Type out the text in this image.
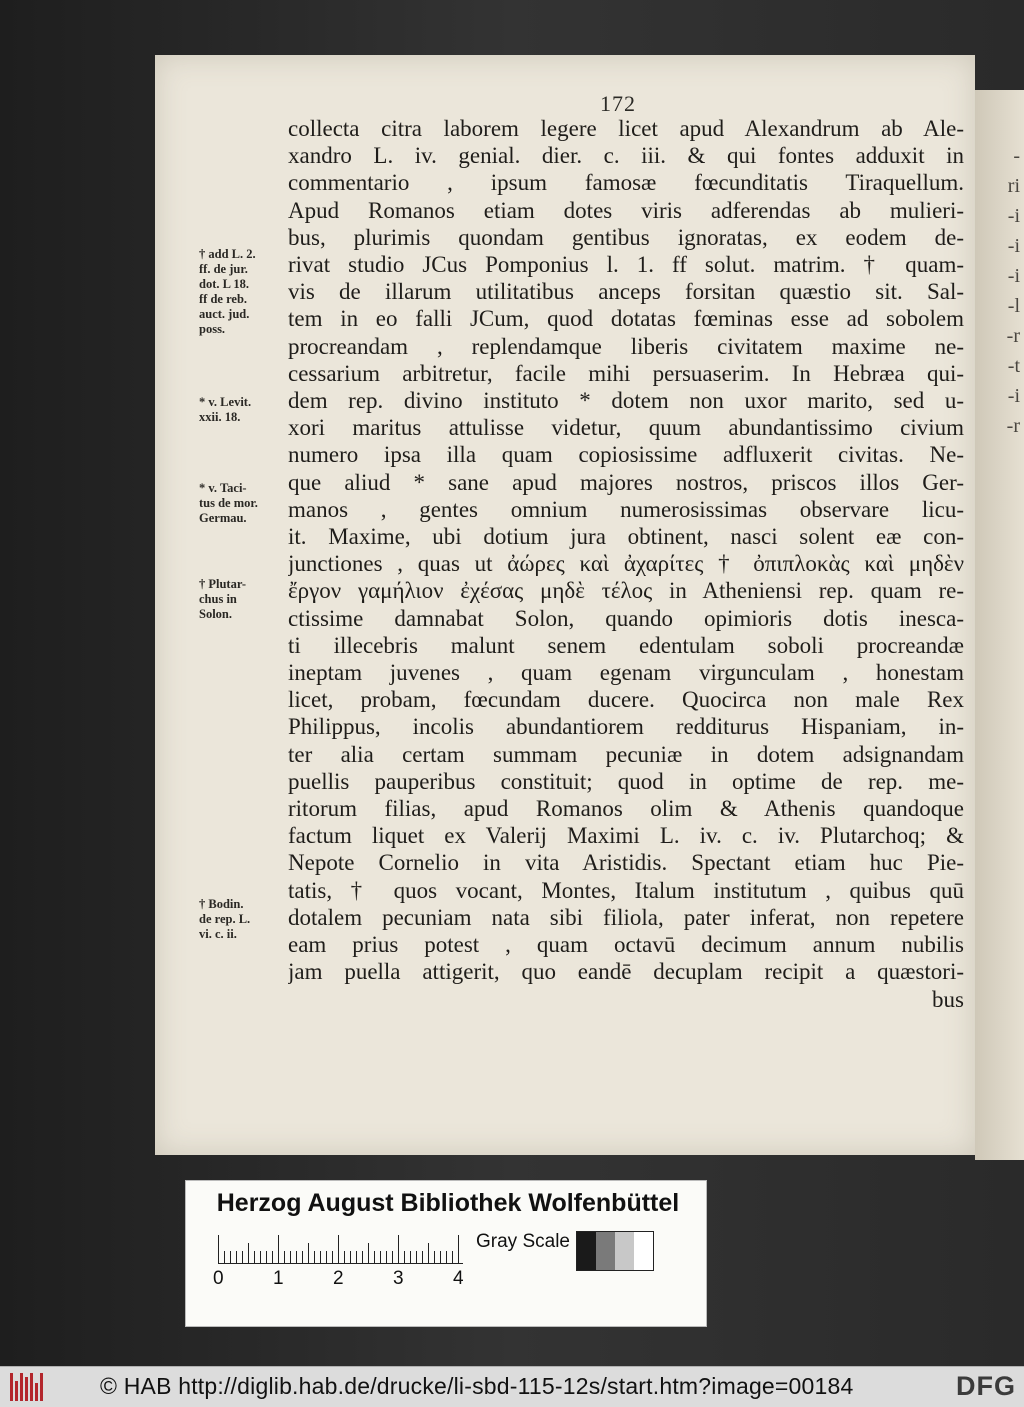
-
ri
-i
-i
-i
-l
-r
-t
-i
-r
172
collecta citra laborem legere licet apud Alexandrum ab Ale-
xandro L. iv. genial. dier. c. iii. & qui fontes adduxit in
commentario , ipsum famosæ fœcunditatis Tiraquellum.
Apud Romanos etiam dotes viris adferendas ab mulieri-
bus, plurimis quondam gentibus ignoratas, ex eodem de-
rivat studio JCus Pomponius l. 1. ff solut. matrim. † quam-
vis de illarum utilitatibus anceps forsitan quæstio sit. Sal-
tem in eo falli JCum, quod dotatas fœminas esse ad sobolem
procreandam , replendamque liberis civitatem maxime ne-
cessarium arbitretur, facile mihi persuaserim. In Hebræa qui-
dem rep. divino instituto * dotem non uxor marito, sed u-
xori maritus attulisse videtur, quum abundantissimo civium
numero ipsa illa quam copiosissime adfluxerit civitas. Ne-
que aliud * sane apud majores nostros, priscos illos Ger-
manos , gentes omnium numerosissimas observare licu-
it. Maxime, ubi dotium jura obtinent, nasci solent eæ con-
junctiones , quas ut ἀώρες καὶ ἀχαρίτες † ὀπιπλοκὰς καὶ μηδὲν
ἔργον γαμήλιον ἐχέσας μηδὲ τέλος in Atheniensi rep. quam re-
ctissime damnabat Solon, quando opimioris dotis inesca-
ti illecebris malunt senem edentulam soboli procreandæ
ineptam juvenes , quam egenam virgunculam , honestam
licet, probam, fœcundam ducere. Quocirca non male Rex
Philippus, incolis abundantiorem redditurus Hispaniam, in-
ter alia certam summam pecuniæ in dotem adsignandam
puellis pauperibus constituit; quod in optime de rep. me-
ritorum filias, apud Romanos olim & Athenis quandoque
factum liquet ex Valerij Maximi L. iv. c. iv. Plutarchoq; &
Nepote Cornelio in vita Aristidis. Spectant etiam huc Pie-
tatis, † quos vocant, Montes, Italum institutum , quibus quū
dotalem pecuniam nata sibi filiola, pater inferat, non repetere
eam prius potest , quam octavū decimum annum nubilis
jam puella attigerit, quo eandē decuplam recipit a quæstori-
bus
† add L. 2.
ff. de jur.
dot. L 18.
ff de reb.
auct. jud.
poss.
* v. Levit.
xxii. 18.
* v. Taci-
tus de mor.
Germau.
† Plutar-
chus in
Solon.
† Bodin.
de rep. L.
vi. c. ii.
Herzog August Bibliothek Wolfenbüttel
0	1	2	3	4
Gray Scale
© HAB http://diglib.hab.de/drucke/li-sbd-115-12s/start.htm?image=00184	DFG
